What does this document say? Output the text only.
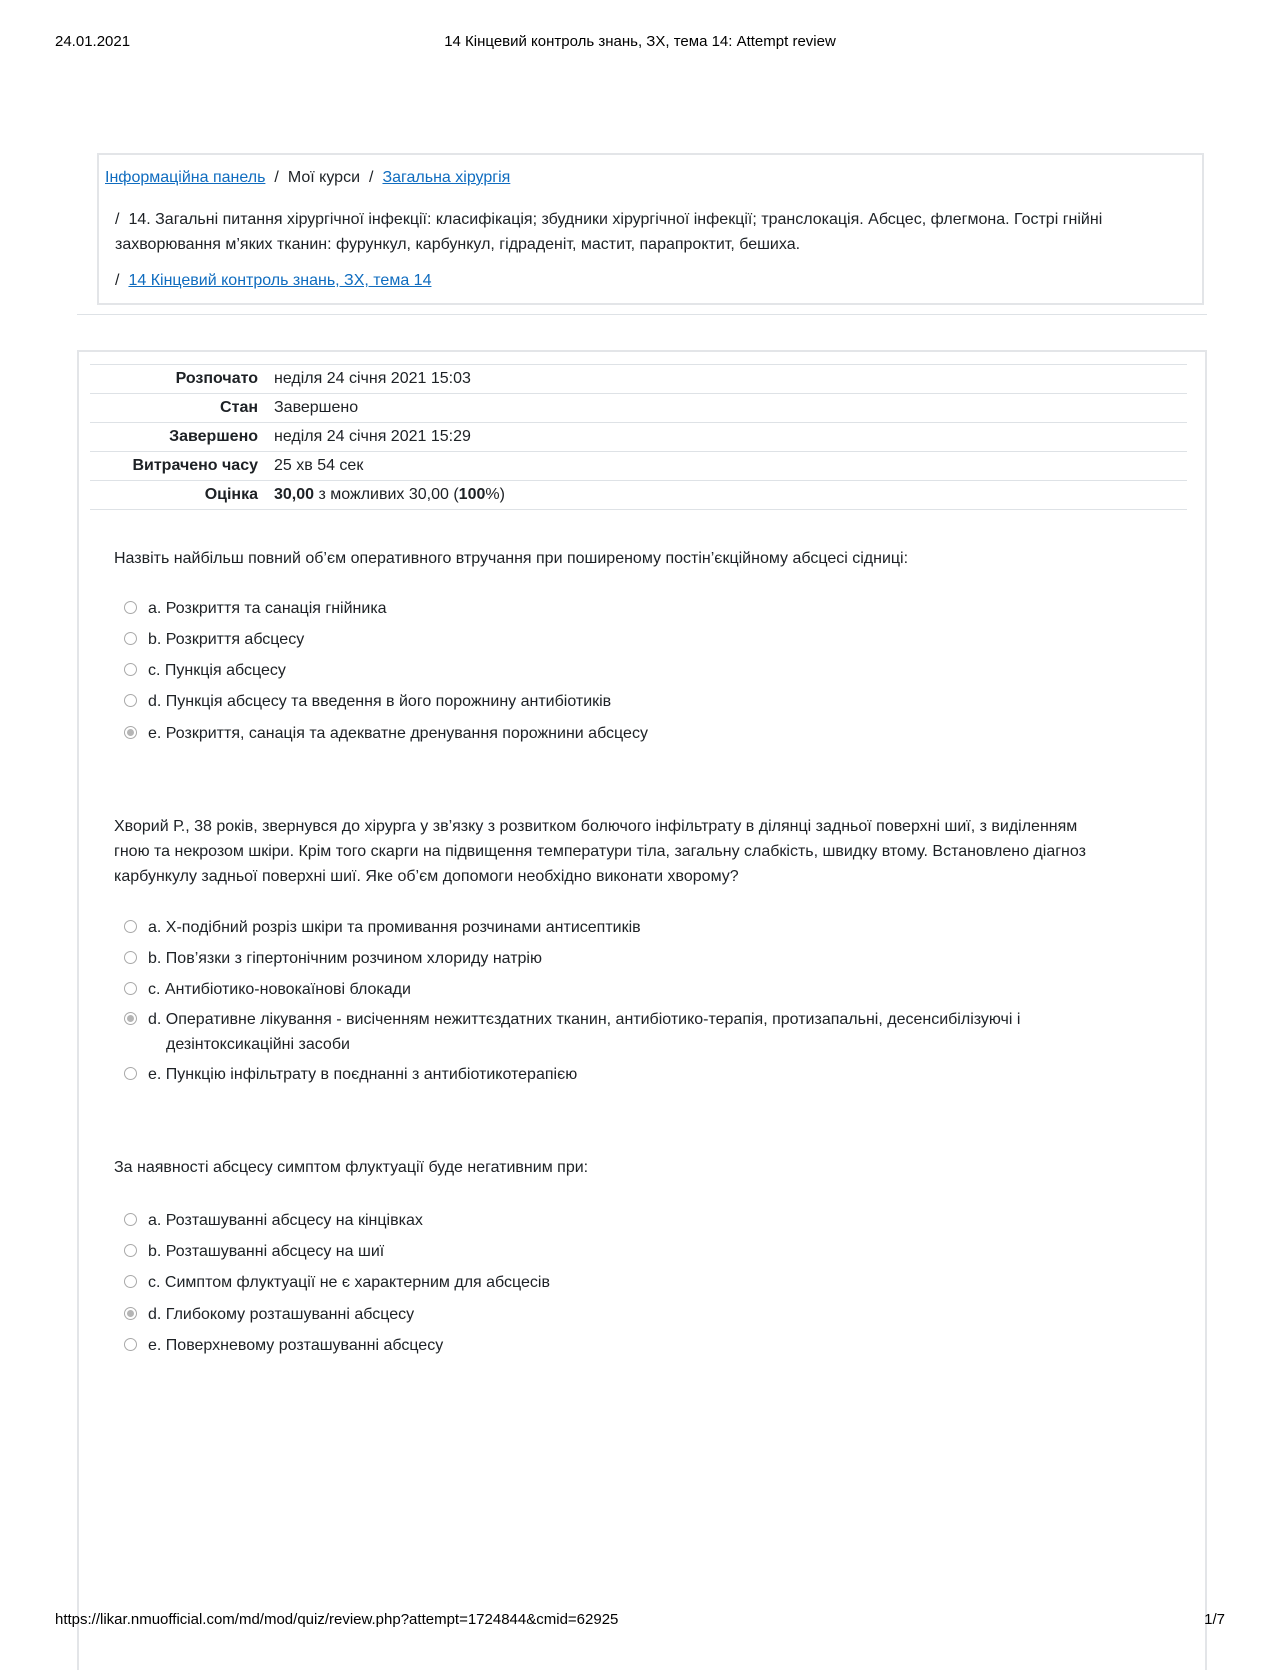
24.01.2021	14 Кінцевий контроль знань, ЗХ, тема 14: Attempt review
Інформаційна панель / Мої курси / Загальна хірургія
/ 14. Загальні питання хірургічної інфекції: класифікація; збудники хірургічної інфекції; транслокація. Абсцес, флегмона. Гострі гнійні захворювання м’яких тканин: фурункул, карбункул, гідраденіт, мастит, парапроктит, бешиха.
/ 14 Кінцевий контроль знань, ЗХ, тема 14
Розпочато	неділя 24 січня 2021 15:03
Стан	Завершено
Завершено	неділя 24 січня 2021 15:29
Витрачено часу	25 хв 54 сек
Оцінка	30,00 з можливих 30,00 (100%)

Назвіть найбільш повний об’єм оперативного втручання при поширеному постін’єкційному абсцесі сідниці:

a. Розкриття та санація гнійника
b. Розкриття абсцесу
c. Пункція абсцесу
d. Пункція абсцесу та введення в його порожнину антибіотиків
e. Розкриття, санація та адекватне дренування порожнини абсцесу

Хворий Р., 38 років, звернувся до хірурга у зв’язку з розвитком болючого інфільтрату в ділянці задньої поверхні шиї, з виділенням гною та некрозом шкіри. Крім того скарги на підвищення температури тіла, загальну слабкість, швидку втому. Встановлено діагноз карбункулу задньої поверхні шиї. Яке об’єм допомоги необхідно виконати хворому?

a. Х-подібний розріз шкіри та промивання розчинами антисептиків
b. Пов’язки з гіпертонічним розчином хлориду натрію
c. Антибіотико-новокаїнові блокади
d. Оперативне лікування - висіченням нежиттєздатних тканин, антибіотико-терапія, протизапальні, десенсибілізуючі і дезінтоксикаційні засоби
e. Пункцію інфільтрату в поєднанні з антибіотикотерапією

За наявності абсцесу симптом флуктуації буде негативним при:

a. Розташуванні абсцесу на кінцівках
b. Розташуванні абсцесу на шиї
c. Симптом флуктуації не є характерним для абсцесів
d. Глибокому розташуванні абсцесу
e. Поверхневому розташуванні абсцесу
https://likar.nmuofficial.com/md/mod/quiz/review.php?attempt=1724844&cmid=62925	1/7
